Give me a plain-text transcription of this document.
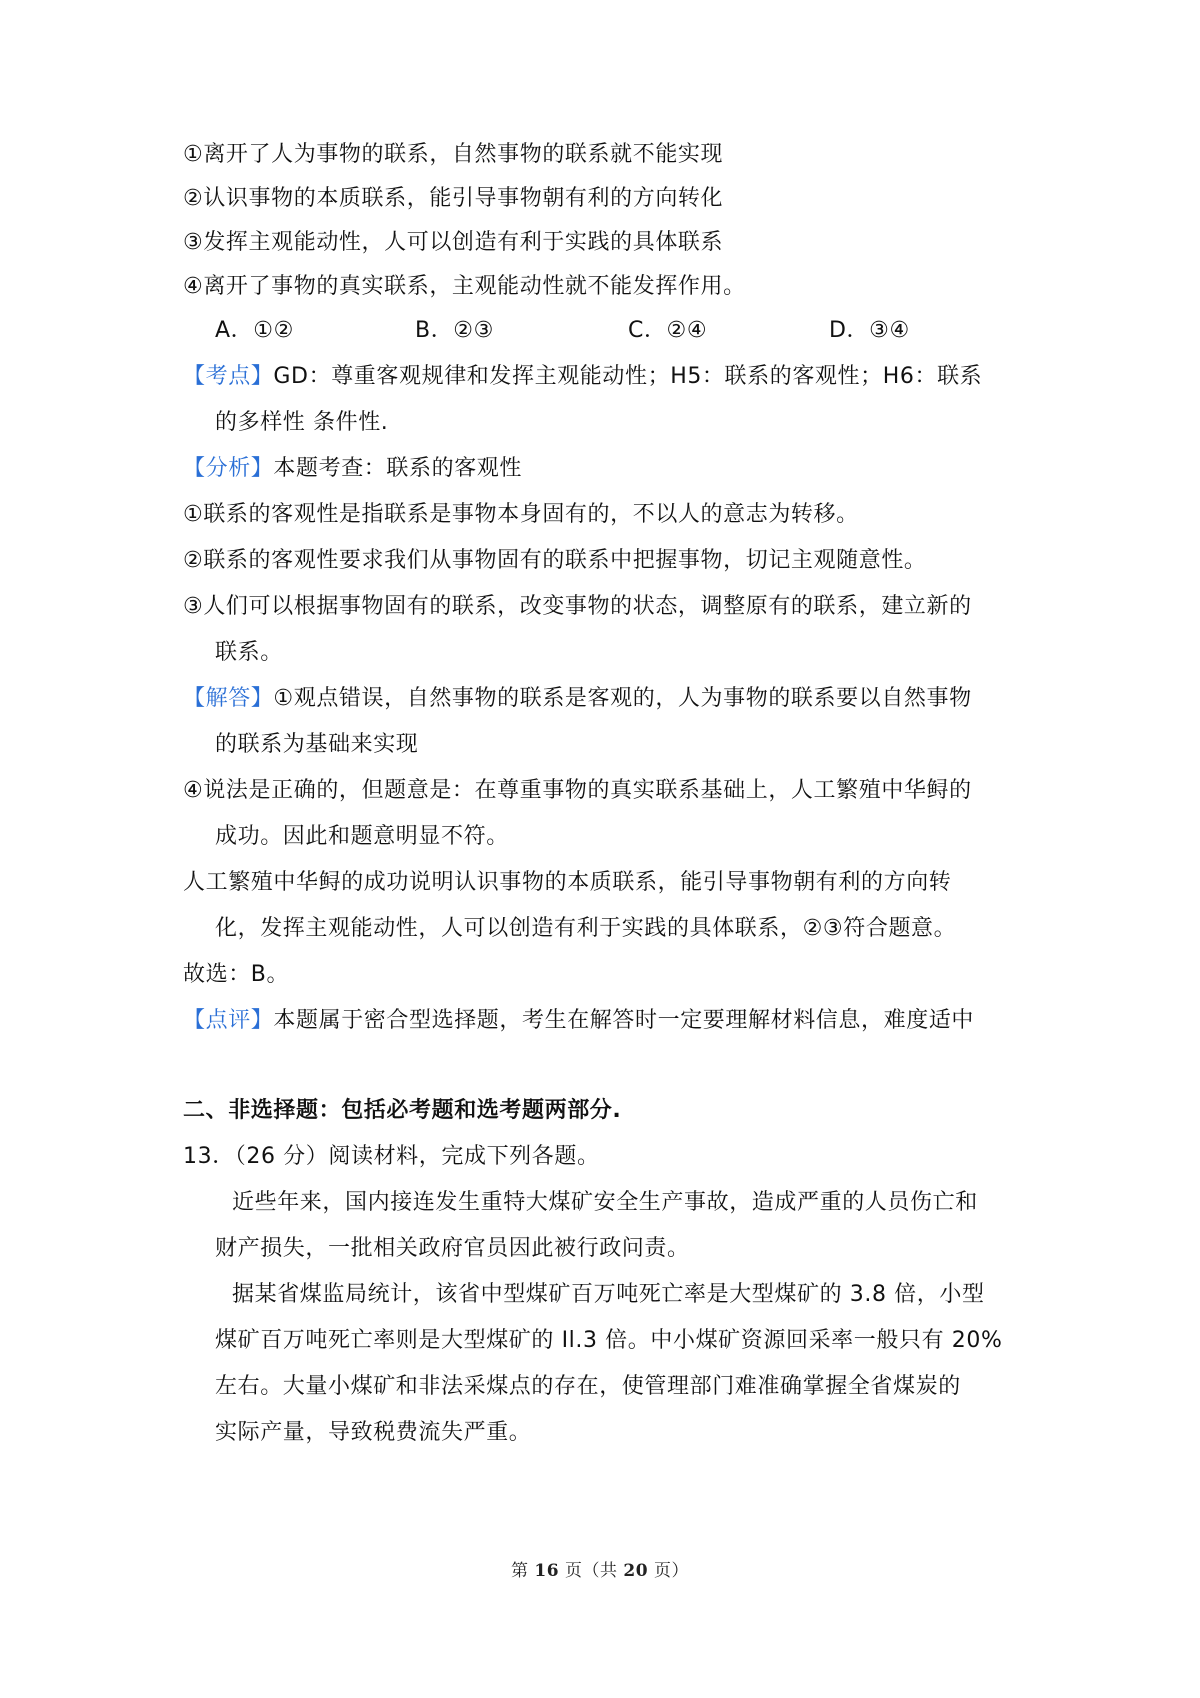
①离开了人为事物的联系，自然事物的联系就不能实现

②认识事物的本质联系，能引导事物朝有利的方向转化

③发挥主观能动性，人可以创造有利于实践的具体联系

④离开了事物的真实联系，主观能动性就不能发挥作用。

A．①②	B．②③	C．②④	D．③④

【考点】GD：尊重客观规律和发挥主观能动性；H5：联系的客观性；H6：联系

的多样性 条件性.

【分析】本题考查：联系的客观性

①联系的客观性是指联系是事物本身固有的，不以人的意志为转移。

②联系的客观性要求我们从事物固有的联系中把握事物，切记主观随意性。

③人们可以根据事物固有的联系，改变事物的状态，调整原有的联系，建立新的

联系。

【解答】①观点错误，自然事物的联系是客观的，人为事物的联系要以自然事物

的联系为基础来实现

④说法是正确的，但题意是：在尊重事物的真实联系基础上，人工繁殖中华鲟的

成功。因此和题意明显不符。

人工繁殖中华鲟的成功说明认识事物的本质联系，能引导事物朝有利的方向转

化，发挥主观能动性，人可以创造有利于实践的具体联系，②③符合题意。

故选：B。

【点评】本题属于密合型选择题，考生在解答时一定要理解材料信息，难度适中

二、非选择题：包括必考题和选考题两部分.

13．（26 分）阅读材料，完成下列各题。

近些年来，国内接连发生重特大煤矿安全生产事故，造成严重的人员伤亡和

财产损失，一批相关政府官员因此被行政问责。

据某省煤监局统计，该省中型煤矿百万吨死亡率是大型煤矿的 3.8 倍，小型

煤矿百万吨死亡率则是大型煤矿的 Il.3 倍。中小煤矿资源回采率一般只有 20%

左右。大量小煤矿和非法采煤点的存在，使管理部门难准确掌握全省煤炭的

实际产量，导致税费流失严重。

第 16 页（共 20 页）
